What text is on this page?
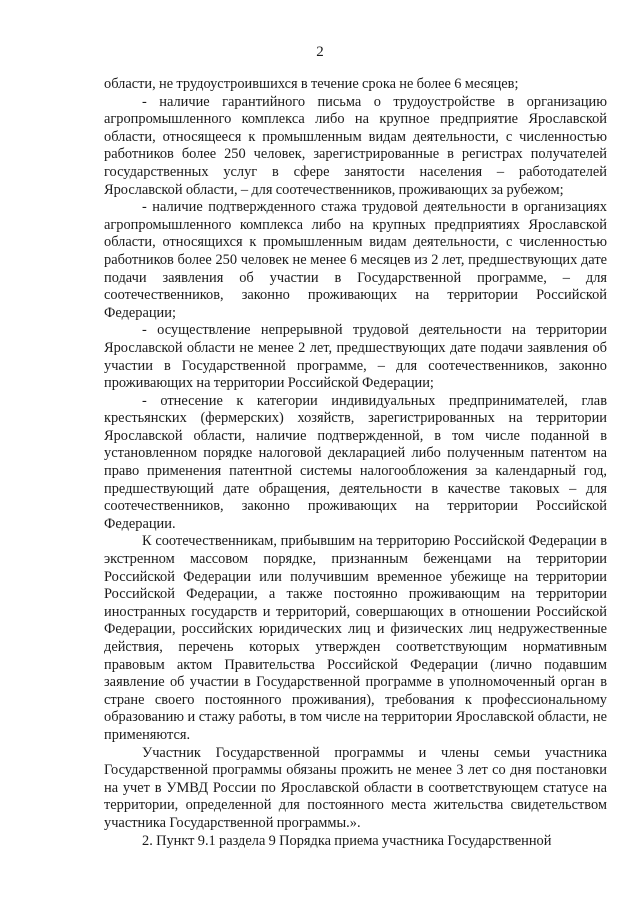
2

области, не трудоустроившихся в течение срока не более 6 месяцев;

- наличие гарантийного письма о трудоустройстве в организацию агропромышленного комплекса либо на крупное предприятие Ярославской области, относящееся к промышленным видам деятельности, с численностью работников более 250 человек, зарегистрированные в регистрах получателей государственных услуг в сфере занятости населения – работодателей Ярославской области, – для соотечественников, проживающих за рубежом;

- наличие подтвержденного стажа трудовой деятельности в организациях агропромышленного комплекса либо на крупных предприятиях Ярославской области, относящихся к промышленным видам деятельности, с численностью работников более 250 человек не менее 6 месяцев из 2 лет, предшествующих дате подачи заявления об участии в Государственной программе, – для соотечественников, законно проживающих на территории Российской Федерации;

- осуществление непрерывной трудовой деятельности на территории Ярославской области не менее 2 лет, предшествующих дате подачи заявления об участии в Государственной программе, – для соотечественников, законно проживающих на территории Российской Федерации;

- отнесение к категории индивидуальных предпринимателей, глав крестьянских (фермерских) хозяйств, зарегистрированных на территории Ярославской области, наличие подтвержденной, в том числе поданной в установленном порядке налоговой декларацией либо полученным патентом на право применения патентной системы налогообложения за календарный год, предшествующий дате обращения, деятельности в качестве таковых – для соотечественников, законно проживающих на территории Российской Федерации.

К соотечественникам, прибывшим на территорию Российской Федерации в экстренном массовом порядке, признанным беженцами на территории Российской Федерации или получившим временное убежище на территории Российской Федерации, а также постоянно проживающим на территории иностранных государств и территорий, совершающих в отношении Российской Федерации, российских юридических лиц и физических лиц недружественные действия, перечень которых утвержден соответствующим нормативным правовым актом Правительства Российской Федерации (лично подавшим заявление об участии в Государственной программе в уполномоченный орган в стране своего постоянного проживания), требования к профессиональному образованию и стажу работы, в том числе на территории Ярославской области, не применяются.

Участник Государственной программы и члены семьи участника Государственной программы обязаны прожить не менее 3 лет со дня постановки на учет в УМВД России по Ярославской области в соответствующем статусе на территории, определенной для постоянного места жительства свидетельством участника Государственной программы.».

2. Пункт 9.1 раздела 9 Порядка приема участника Государственной
